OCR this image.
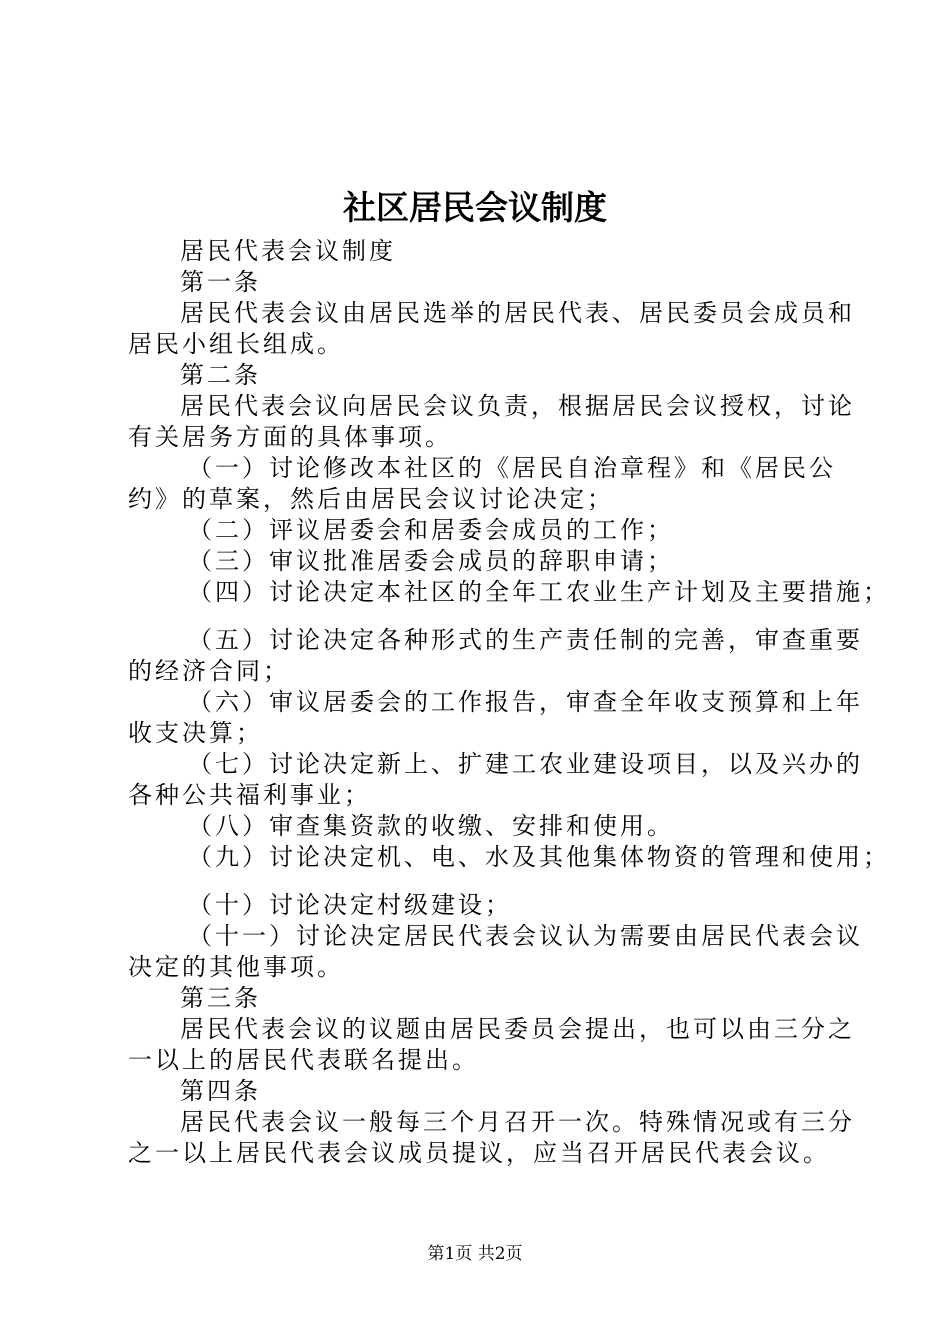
社区居民会议制度
居民代表会议制度
第一条
居民代表会议由居民选举的居民代表、居民委员会成员和
居民小组长组成。
第二条
居民代表会议向居民会议负责，根据居民会议授权，讨论
有关居务方面的具体事项。
（一）讨论修改本社区的《居民自治章程》和《居民公
约》的草案，然后由居民会议讨论决定；
（二）评议居委会和居委会成员的工作；
（三）审议批准居委会成员的辞职申请；
（四）讨论决定本社区的全年工农业生产计划及主要措施；
（五）讨论决定各种形式的生产责任制的完善，审查重要
的经济合同；
（六）审议居委会的工作报告，审查全年收支预算和上年
收支决算；
（七）讨论决定新上、扩建工农业建设项目，以及兴办的
各种公共福利事业；
（八）审查集资款的收缴、安排和使用。
（九）讨论决定机、电、水及其他集体物资的管理和使用；
（十）讨论决定村级建设；
（十一）讨论决定居民代表会议认为需要由居民代表会议
决定的其他事项。
第三条
居民代表会议的议题由居民委员会提出，也可以由三分之
一以上的居民代表联名提出。
第四条
居民代表会议一般每三个月召开一次。特殊情况或有三分
之一以上居民代表会议成员提议，应当召开居民代表会议。
第1页 共2页
